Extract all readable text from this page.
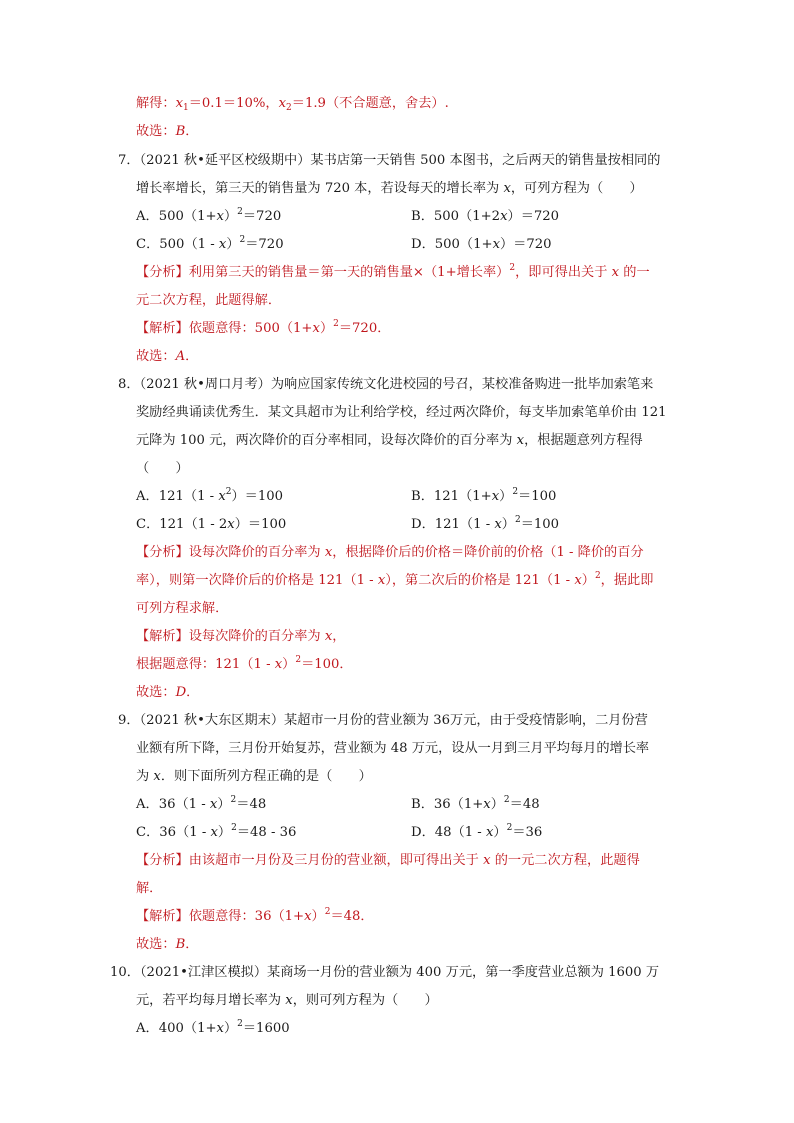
解得：$x_1=0.1=10\%$，$x_2=1.9$（不合题意，舍去）.
故选：B．
7．（2021 秋•延平区校级期中）某书店第一天销售 500 本图书，之后两天的销售量按相同的
增长率增长，第三天的销售量为 720 本，若设每天的增长率为 x，可列方程为（　　）
A．$500(1+x)^2=720$	B．500（1+2x）＝720
C．500（1 - x）$^2$＝720	D．500（1+x）＝720
【分析】利用第三天的销售量＝第一天的销售量×（1+增长率）$^2$，即可得出关于 x 的一
元二次方程，此题得解．
【解析】依题意得：$500(1+x)^2=720$．
故选：A．
8．（2021 秋•周口月考）为响应国家传统文化进校园的号召，某校准备购进一批毕加索笔来
奖励经典诵读优秀生．某文具超市为让利给学校，经过两次降价，每支毕加索笔单价由 121
元降为 100 元，两次降价的百分率相同，设每次降价的百分率为 x，根据题意列方程得
（　　）
A．$121(1 - x^2)=100$	B．$121(1+x)^2=100$
C．121（1 - 2x）＝100	D．121（1 - x）$^2$＝100
【分析】设每次降价的百分率为 x，根据降价后的价格＝降价前的价格（1 - 降价的百分
率），则第一次降价后的价格是 121（1 - x），第二次后的价格是 121（1 - x）$^2$，据此即
可列方程求解．
【解析】设每次降价的百分率为 x，
根据题意得：121（1 - x）$^2$＝100．
故选：D．
9．（2021 秋•大东区期末）某超市一月份的营业额为 36万元，由于受疫情影响，二月份营
业额有所下降，三月份开始复苏，营业额为 48 万元，设从一月到三月平均每月的增长率
为 x．则下面所列方程正确的是（　　）
A．36（1 - x）$^2$＝48	B．$36(1+x)^2=48$
C．36（1 - x）$^2$＝48 - 36	D．48（1 - x）$^2$＝36
【分析】由该超市一月份及三月份的营业额，即可得出关于 x 的一元二次方程，此题得
解．
【解析】依题意得：$36(1+x)^2=48$．
故选：B．
10．（2021•江津区模拟）某商场一月份的营业额为 400 万元，第一季度营业总额为 1600 万
元，若平均每月增长率为 x，则可列方程为（　　）
A．$400(1+x)^2=1600$
